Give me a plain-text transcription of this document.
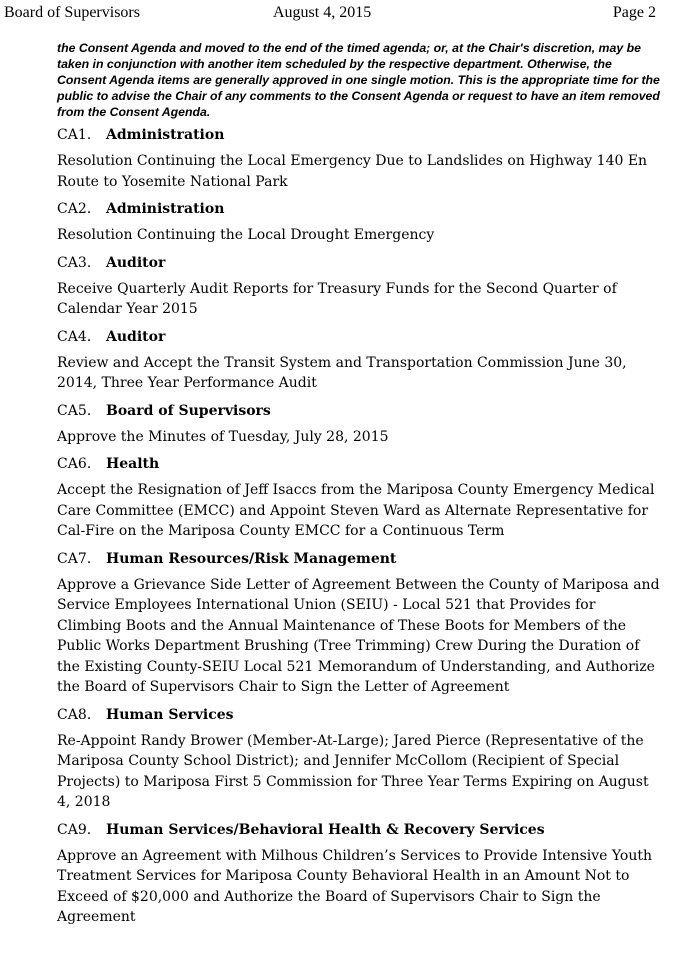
Board of Supervisors	August 4, 2015	Page 2

the Consent Agenda and moved to the end of the timed agenda; or, at the Chair's discretion, may be taken in conjunction with another item scheduled by the respective department. Otherwise, the Consent Agenda items are generally approved in one single motion. This is the appropriate time for the public to advise the Chair of any comments to the Consent Agenda or request to have an item removed from the Consent Agenda.

CA1. Administration
Resolution Continuing the Local Emergency Due to Landslides on Highway 140 En Route to Yosemite National Park
CA2. Administration
Resolution Continuing the Local Drought Emergency
CA3. Auditor
Receive Quarterly Audit Reports for Treasury Funds for the Second Quarter of Calendar Year 2015
CA4. Auditor
Review and Accept the Transit System and Transportation Commission June 30, 2014, Three Year Performance Audit
CA5. Board of Supervisors
Approve the Minutes of Tuesday, July 28, 2015
CA6. Health
Accept the Resignation of Jeff Isaccs from the Mariposa County Emergency Medical Care Committee (EMCC) and Appoint Steven Ward as Alternate Representative for Cal-Fire on the Mariposa County EMCC for a Continuous Term
CA7. Human Resources/Risk Management
Approve a Grievance Side Letter of Agreement Between the County of Mariposa and Service Employees International Union (SEIU) - Local 521 that Provides for Climbing Boots and the Annual Maintenance of These Boots for Members of the Public Works Department Brushing (Tree Trimming) Crew During the Duration of the Existing County-SEIU Local 521 Memorandum of Understanding, and Authorize the Board of Supervisors Chair to Sign the Letter of Agreement
CA8. Human Services
Re-Appoint Randy Brower (Member-At-Large); Jared Pierce (Representative of the Mariposa County School District); and Jennifer McCollom (Recipient of Special Projects) to Mariposa First 5 Commission for Three Year Terms Expiring on August 4, 2018
CA9. Human Services/Behavioral Health & Recovery Services
Approve an Agreement with Milhous Children’s Services to Provide Intensive Youth Treatment Services for Mariposa County Behavioral Health in an Amount Not to Exceed of $20,000 and Authorize the Board of Supervisors Chair to Sign the Agreement
